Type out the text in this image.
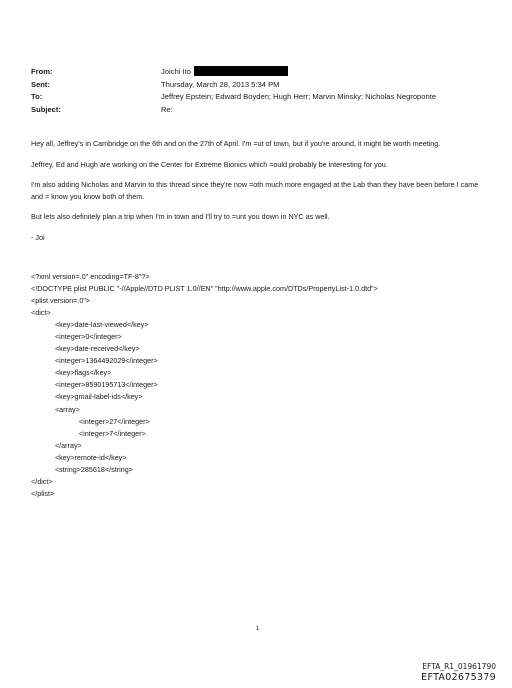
From:	Joichi Ito
Sent:	Thursday, March 28, 2013 5:34 PM
To:	Jeffrey Epstein; Edward Boyden; Hugh Herr; Marvin Minsky; Nicholas Negroponte
Subject:	Re:

Hey all, Jeffrey's in Cambridge on the 6th and on the 27th of April. I'm =ut of town, but if you're around, it might be worth meeting.

Jeffrey, Ed and Hugh are working on the Center for Extreme Bionics which =ould probably be interesting for you.

I'm also adding Nicholas and Marvin to this thread since they're now =oth much more engaged at the Lab than they have been before I came and = know you know both of them.

But lets also definitely plan a trip when I'm in town and I'll try to =unt you down in NYC as well.

- Joi

<?xml version=.0" encoding=TF-8"?>
<!DOCTYPE plist PUBLIC "-//Apple//DTD PLIST 1.0//EN" "http://www.apple.com/DTDs/PropertyList-1.0.dtd">
<plist version=.0">
<dict>
<key>date-last-viewed</key>
<integer>0</integer>
<key>date-received</key>
<integer>1364492029</integer>
<key>flags</key>
<integer>8590195713</integer>
<key>gmail-label-ids</key>
<array>
<integer>27</integer>
<integer>7</integer>
</array>
<key>remote-id</key>
<string>285618</string>
</dict>
</plist>
1
EFTA_R1_01961790
EFTA02675379
